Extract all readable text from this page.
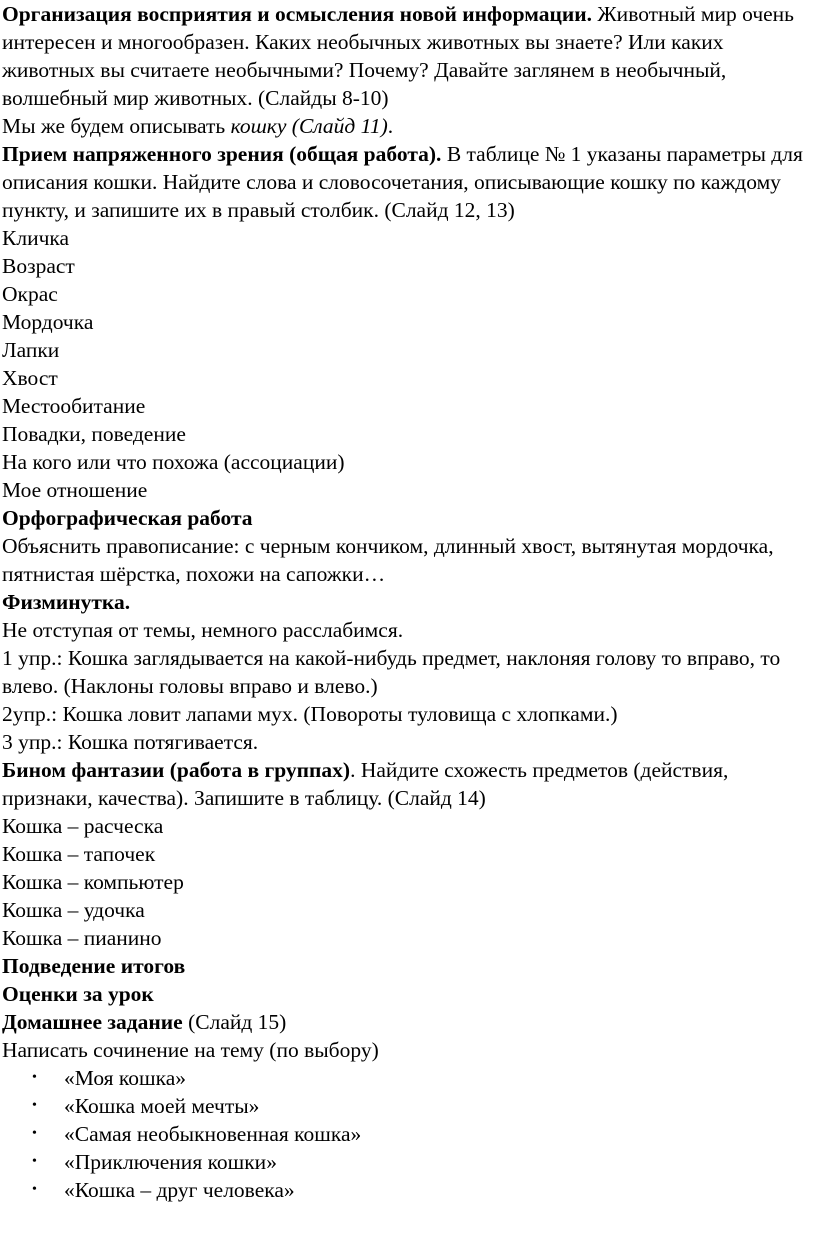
Организация восприятия и осмысления новой информации. Животный мир очень интересен и многообразен. Каких необычных животных вы знаете? Или каких животных вы считаете необычными? Почему? Давайте заглянем в необычный, волшебный мир животных. (Слайды 8-10)

Мы же будем описывать кошку (Слайд 11).

Прием напряженного зрения (общая работа). В таблице № 1 указаны параметры для описания кошки. Найдите слова и словосочетания, описывающие кошку по каждому пункту, и запишите их в правый столбик. (Слайд 12, 13)

Кличка

Возраст

Окрас

Мордочка

Лапки

Хвост

Местообитание

Повадки, поведение

На кого или что похожа (ассоциации)

Мое отношение

Орфографическая работа

Объяснить правописание: с черным кончиком, длинный хвост, вытянутая мордочка, пятнистая шёрстка, похожи на сапожки…

Физминутка.

Не отступая от темы, немного расслабимся.

1 упр.: Кошка заглядывается на какой-нибудь предмет, наклоняя голову то вправо, то влево. (Наклоны головы вправо и влево.)

2упр.: Кошка ловит лапами мух. (Повороты туловища с хлопками.)

3 упр.: Кошка потягивается.

Бином фантазии (работа в группах). Найдите схожесть предметов (действия, признаки, качества). Запишите в таблицу. (Слайд 14)

Кошка – расческа

Кошка – тапочек

Кошка – компьютер

Кошка – удочка

Кошка – пианино

Подведение итогов

Оценки за урок

Домашнее задание (Слайд 15)

Написать сочинение на тему (по выбору)

• «Моя кошка»
• «Кошка моей мечты»
• «Самая необыкновенная кошка»
• «Приключения кошки»
• «Кошка – друг человека»
